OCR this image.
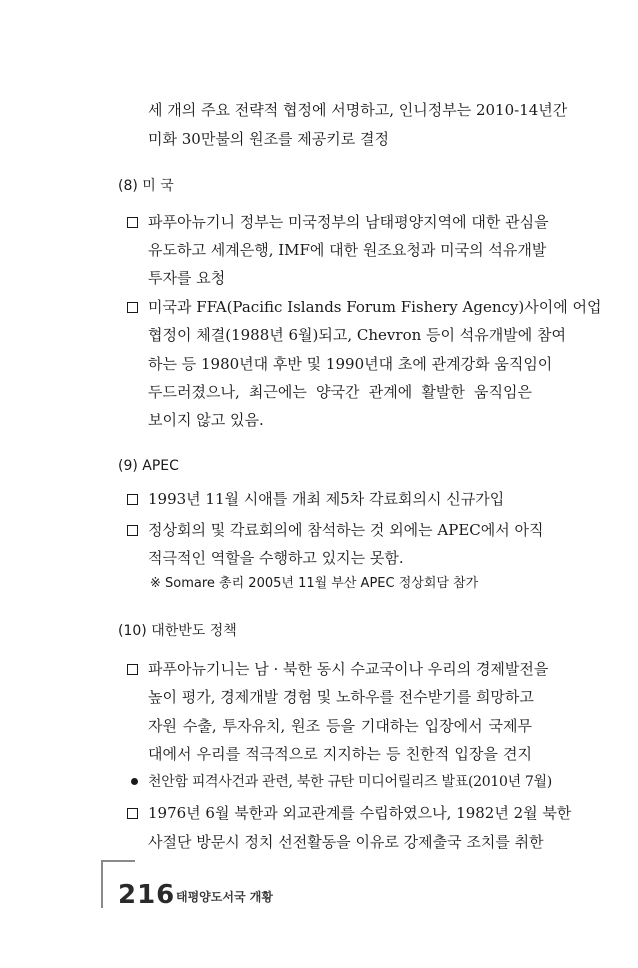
세 개의 주요 전략적 협정에 서명하고, 인니정부는 2010-14년간
미화 30만불의 원조를 제공키로 결정
(8) 미 국
파푸아뉴기니 정부는 미국정부의 남태평양지역에 대한 관심을
유도하고 세계은행, IMF에 대한 원조요청과 미국의 석유개발
투자를 요청
미국과 FFA(Pacific Islands Forum Fishery Agency)사이에 어업
협정이 체결(1988년 6월)되고, Chevron 등이 석유개발에 참여
하는 등 1980년대 후반 및 1990년대 초에 관계강화 움직임이
두드러졌으나, 최근에는 양국간 관계에 활발한 움직임은
보이지 않고 있음.
(9) APEC
1993년 11월 시애틀 개최 제5차 각료회의시 신규가입
정상회의 및 각료회의에 참석하는 것 외에는 APEC에서 아직
적극적인 역할을 수행하고 있지는 못함.
※ Somare 총리 2005년 11월 부산 APEC 정상회담 참가
(10) 대한반도 정책
파푸아뉴기니는 남 · 북한 동시 수교국이나 우리의 경제발전을
높이 평가, 경제개발 경험 및 노하우를 전수받기를 희망하고
자원 수출, 투자유치, 원조 등을 기대하는 입장에서 국제무
대에서 우리를 적극적으로 지지하는 등 친한적 입장을 견지
천안함 피격사건과 관련, 북한 규탄 미디어릴리즈 발표(2010년 7월)
1976년 6월 북한과 외교관계를 수립하였으나, 1982년 2월 북한
사절단 방문시 정치 선전활동을 이유로 강제출국 조치를 취한
216 태평양도서국 개황
